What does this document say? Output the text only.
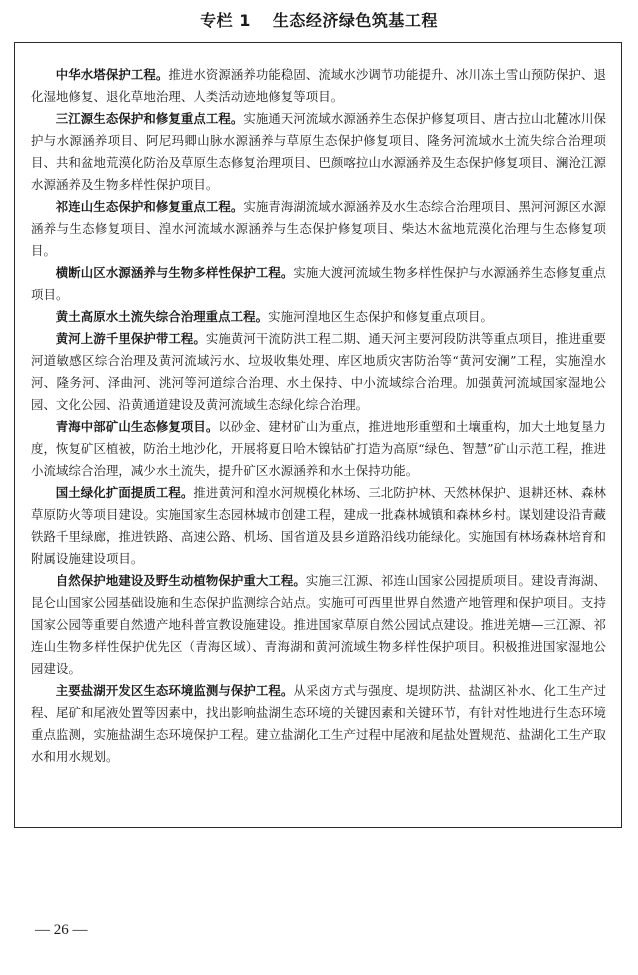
专栏 1 生态经济绿色筑基工程

中华水塔保护工程。推进水资源涵养功能稳固、流域水沙调节功能提升、冰川冻土雪山预防保护、退化湿地修复、退化草地治理、人类活动迹地修复等项目。

三江源生态保护和修复重点工程。实施通天河流域水源涵养生态保护修复项目、唐古拉山北麓冰川保护与水源涵养项目、阿尼玛卿山脉水源涵养与草原生态保护修复项目、隆务河流域水土流失综合治理项目、共和盆地荒漠化防治及草原生态修复治理项目、巴颜喀拉山水源涵养及生态保护修复项目、澜沧江源水源涵养及生物多样性保护项目。

祁连山生态保护和修复重点工程。实施青海湖流域水源涵养及水生态综合治理项目、黑河河源区水源涵养与生态修复项目、湟水河流域水源涵养与生态保护修复项目、柴达木盆地荒漠化治理与生态修复项目。

横断山区水源涵养与生物多样性保护工程。实施大渡河流域生物多样性保护与水源涵养生态修复重点项目。

黄土高原水土流失综合治理重点工程。实施河湟地区生态保护和修复重点项目。

黄河上游千里保护带工程。实施黄河干流防洪工程二期、通天河主要河段防洪等重点项目，推进重要河道敏感区综合治理及黄河流域污水、垃圾收集处理、库区地质灾害防治等“黄河安澜”工程，实施湟水河、隆务河、泽曲河、洮河等河道综合治理、水土保持、中小流域综合治理。加强黄河流域国家湿地公园、文化公园、沿黄通道建设及黄河流域生态绿化综合治理。

青海中部矿山生态修复项目。以砂金、建材矿山为重点，推进地形重塑和土壤重构，加大土地复垦力度，恢复矿区植被，防治土地沙化，开展将夏日哈木镍钴矿打造为高原“绿色、智慧”矿山示范工程，推进小流域综合治理，减少水土流失，提升矿区水源涵养和水土保持功能。

国土绿化扩面提质工程。推进黄河和湟水河规模化林场、三北防护林、天然林保护、退耕还林、森林草原防火等项目建设。实施国家生态园林城市创建工程，建成一批森林城镇和森林乡村。谋划建设沿青藏铁路千里绿廊，推进铁路、高速公路、机场、国省道及县乡道路沿线功能绿化。实施国有林场森林培育和附属设施建设项目。

自然保护地建设及野生动植物保护重大工程。实施三江源、祁连山国家公园提质项目。建设青海湖、昆仑山国家公园基础设施和生态保护监测综合站点。实施可可西里世界自然遗产地管理和保护项目。支持国家公园等重要自然遗产地科普宣教设施建设。推进国家草原自然公园试点建设。推进羌塘—三江源、祁连山生物多样性保护优先区（青海区域）、青海湖和黄河流域生物多样性保护项目。积极推进国家湿地公园建设。

主要盐湖开发区生态环境监测与保护工程。从采卤方式与强度、堤坝防洪、盐湖区补水、化工生产过程、尾矿和尾液处置等因素中，找出影响盐湖生态环境的关键因素和关键环节，有针对性地进行生态环境重点监测，实施盐湖生态环境保护工程。建立盐湖化工生产过程中尾液和尾盐处置规范、盐湖化工生产取水和用水规划。

— 26 —
